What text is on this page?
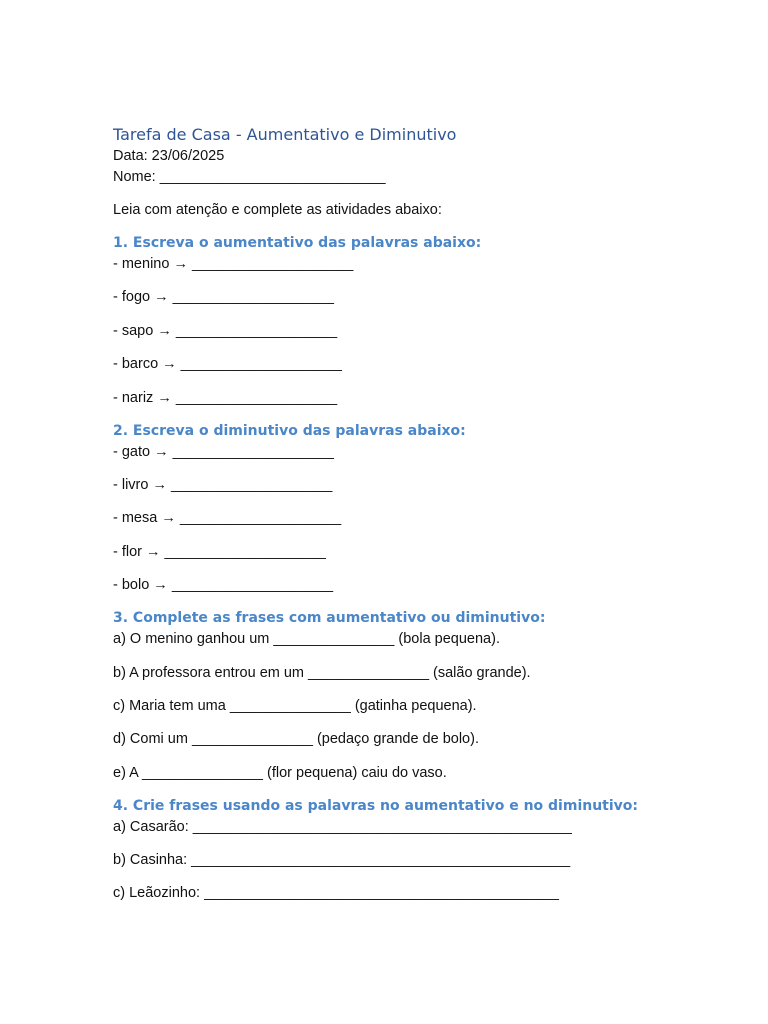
Tarefa de Casa - Aumentativo e Diminutivo

Data: 23/06/2025

Nome: ____________________________

Leia com atenção e complete as atividades abaixo:

1. Escreva o aumentativo das palavras abaixo:

- menino → ____________________

- fogo → ____________________

- sapo → ____________________

- barco → ____________________

- nariz → ____________________

2. Escreva o diminutivo das palavras abaixo:

- gato → ____________________

- livro → ____________________

- mesa → ____________________

- flor → ____________________

- bolo → ____________________

3. Complete as frases com aumentativo ou diminutivo:

a) O menino ganhou um _______________ (bola pequena).

b) A professora entrou em um _______________ (salão grande).

c) Maria tem uma _______________ (gatinha pequena).

d) Comi um _______________ (pedaço grande de bolo).

e) A _______________ (flor pequena) caiu do vaso.

4. Crie frases usando as palavras no aumentativo e no diminutivo:

a) Casarão: _______________________________________________

b) Casinha: _______________________________________________

c) Leãozinho: ____________________________________________
